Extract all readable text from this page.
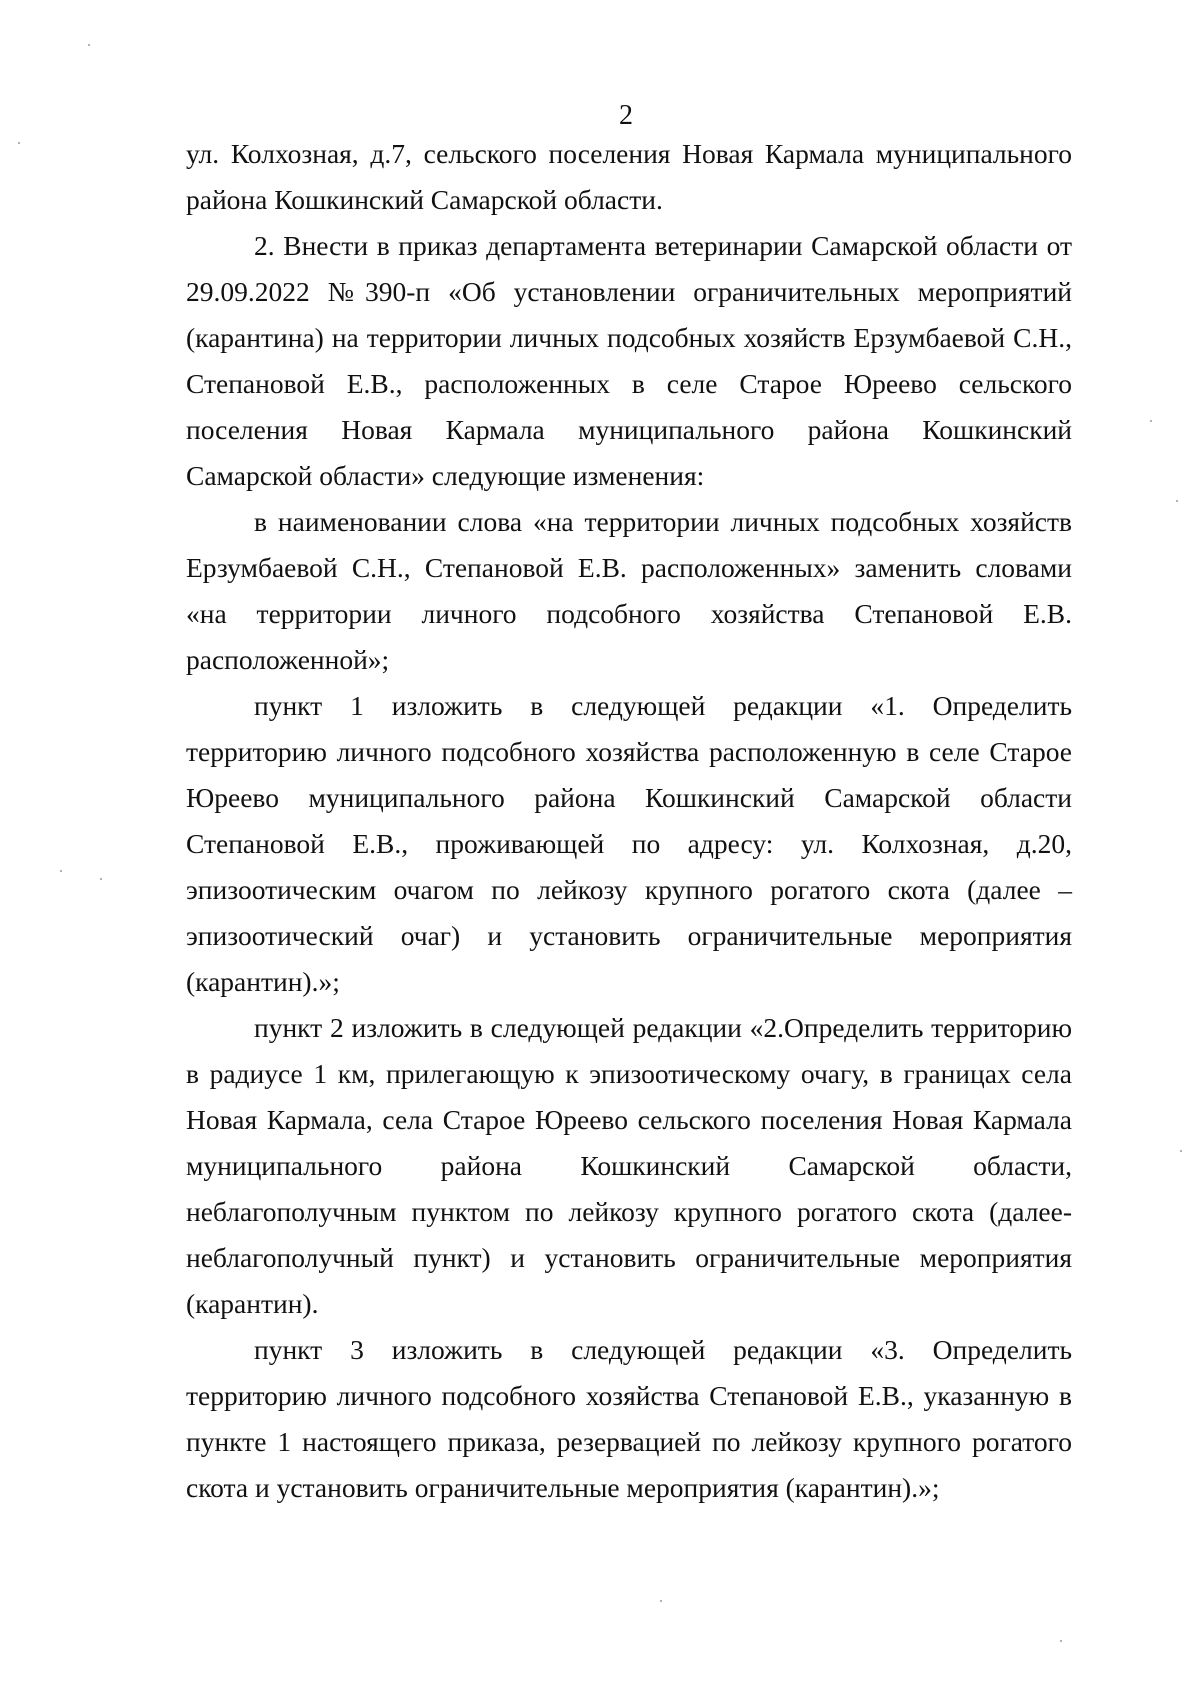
2

ул. Колхозная, д.7, сельского поселения Новая Кармала муниципального района Кошкинский Самарской области.

2. Внести в приказ департамента ветеринарии Самарской области от 29.09.2022 №390-п «Об установлении ограничительных мероприятий (карантина) на территории личных подсобных хозяйств Ерзумбаевой С.Н., Степановой Е.В., расположенных в селе Старое Юреево сельского поселения Новая Кармала муниципального района Кошкинский Самарской области» следующие изменения:

в наименовании слова «на территории личных подсобных хозяйств Ерзумбаевой С.Н., Степановой Е.В. расположенных» заменить словами «на территории личного подсобного хозяйства Степановой Е.В. расположенной»;

пункт 1 изложить в следующей редакции «1. Определить территорию личного подсобного хозяйства расположенную в селе Старое Юреево муниципального района Кошкинский Самарской области Степановой Е.В., проживающей по адресу: ул. Колхозная, д.20, эпизоотическим очагом по лейкозу крупного рогатого скота (далее – эпизоотический очаг) и установить ограничительные мероприятия (карантин).»;

пункт 2 изложить в следующей редакции «2.Определить территорию в радиусе 1 км, прилегающую к эпизоотическому очагу, в границах села Новая Кармала, села Старое Юреево сельского поселения Новая Кармала муниципального района Кошкинский Самарской области, неблагополучным пунктом по лейкозу крупного рогатого скота (далее-неблагополучный пункт) и установить ограничительные мероприятия (карантин).

пункт 3 изложить в следующей редакции «3. Определить территорию личного подсобного хозяйства Степановой Е.В., указанную в пункте 1 настоящего приказа, резервацией по лейкозу крупного рогатого скота и установить ограничительные мероприятия (карантин).»;
